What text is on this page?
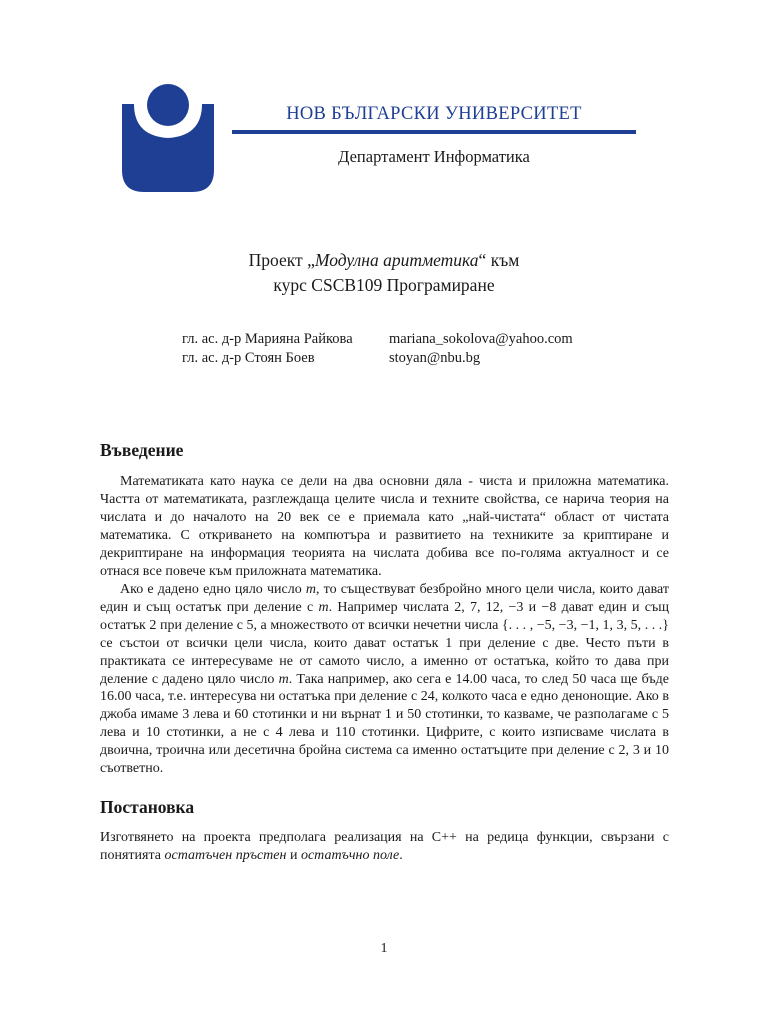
НОВ БЪЛГАРСКИ УНИВЕРСИТЕТ
Департамент Информатика
Проект „Модулна аритметика“ към
курс CSCB109 Програмиране
гл. ас. д-р Марияна Райкова	mariana_sokolova@yahoo.com
гл. ас. д-р Стоян Боев	stoyan@nbu.bg
Въведение

Математиката като наука се дели на два основни дяла - чиста и приложна математика. Частта от математиката, разглеждаща целите числа и техните свойства, се нарича теория на числата и до началото на 20 век се е приемала като „най-чистата“ област от чистата математика. С откриването на компютъра и развитието на техниките за криптиране и декриптиране на информация теорията на числата добива все по-голяма актуалност и се отнася все повече към приложната математика.

Ако е дадено едно цяло число m, то съществуват безбройно много цели числа, които дават един и същ остатък при деление с m. Например числата 2, 7, 12, −3 и −8 дават един и същ остатък 2 при деление с 5, а множеството от всички нечетни числа {. . . , −5, −3, −1, 1, 3, 5, . . .} се състои от всички цели числа, които дават остатък 1 при деление с две. Често пъти в практиката се интересуваме не от самото число, а именно от остатъка, който то дава при деление с дадено цяло число m. Така например, ако сега е 14.00 часа, то след 50 часа ще бъде 16.00 часа, т.е. интересува ни остатъка при деление с 24, колкото часа е едно денонощие. Ако в джоба имаме 3 лева и 60 стотинки и ни върнат 1 и 50 стотинки, то казваме, че разполагаме с 5 лева и 10 стотинки, а не с 4 лева и 110 стотинки. Цифрите, с които изписваме числата в двоична, троична или десетична бройна система са именно остатъците при деление с 2, 3 и 10 съответно.

Постановка

Изготвянето на проекта предполага реализация на C++ на редица функции, свързани с понятията остатъчен пръстен и остатъчно поле.

1
